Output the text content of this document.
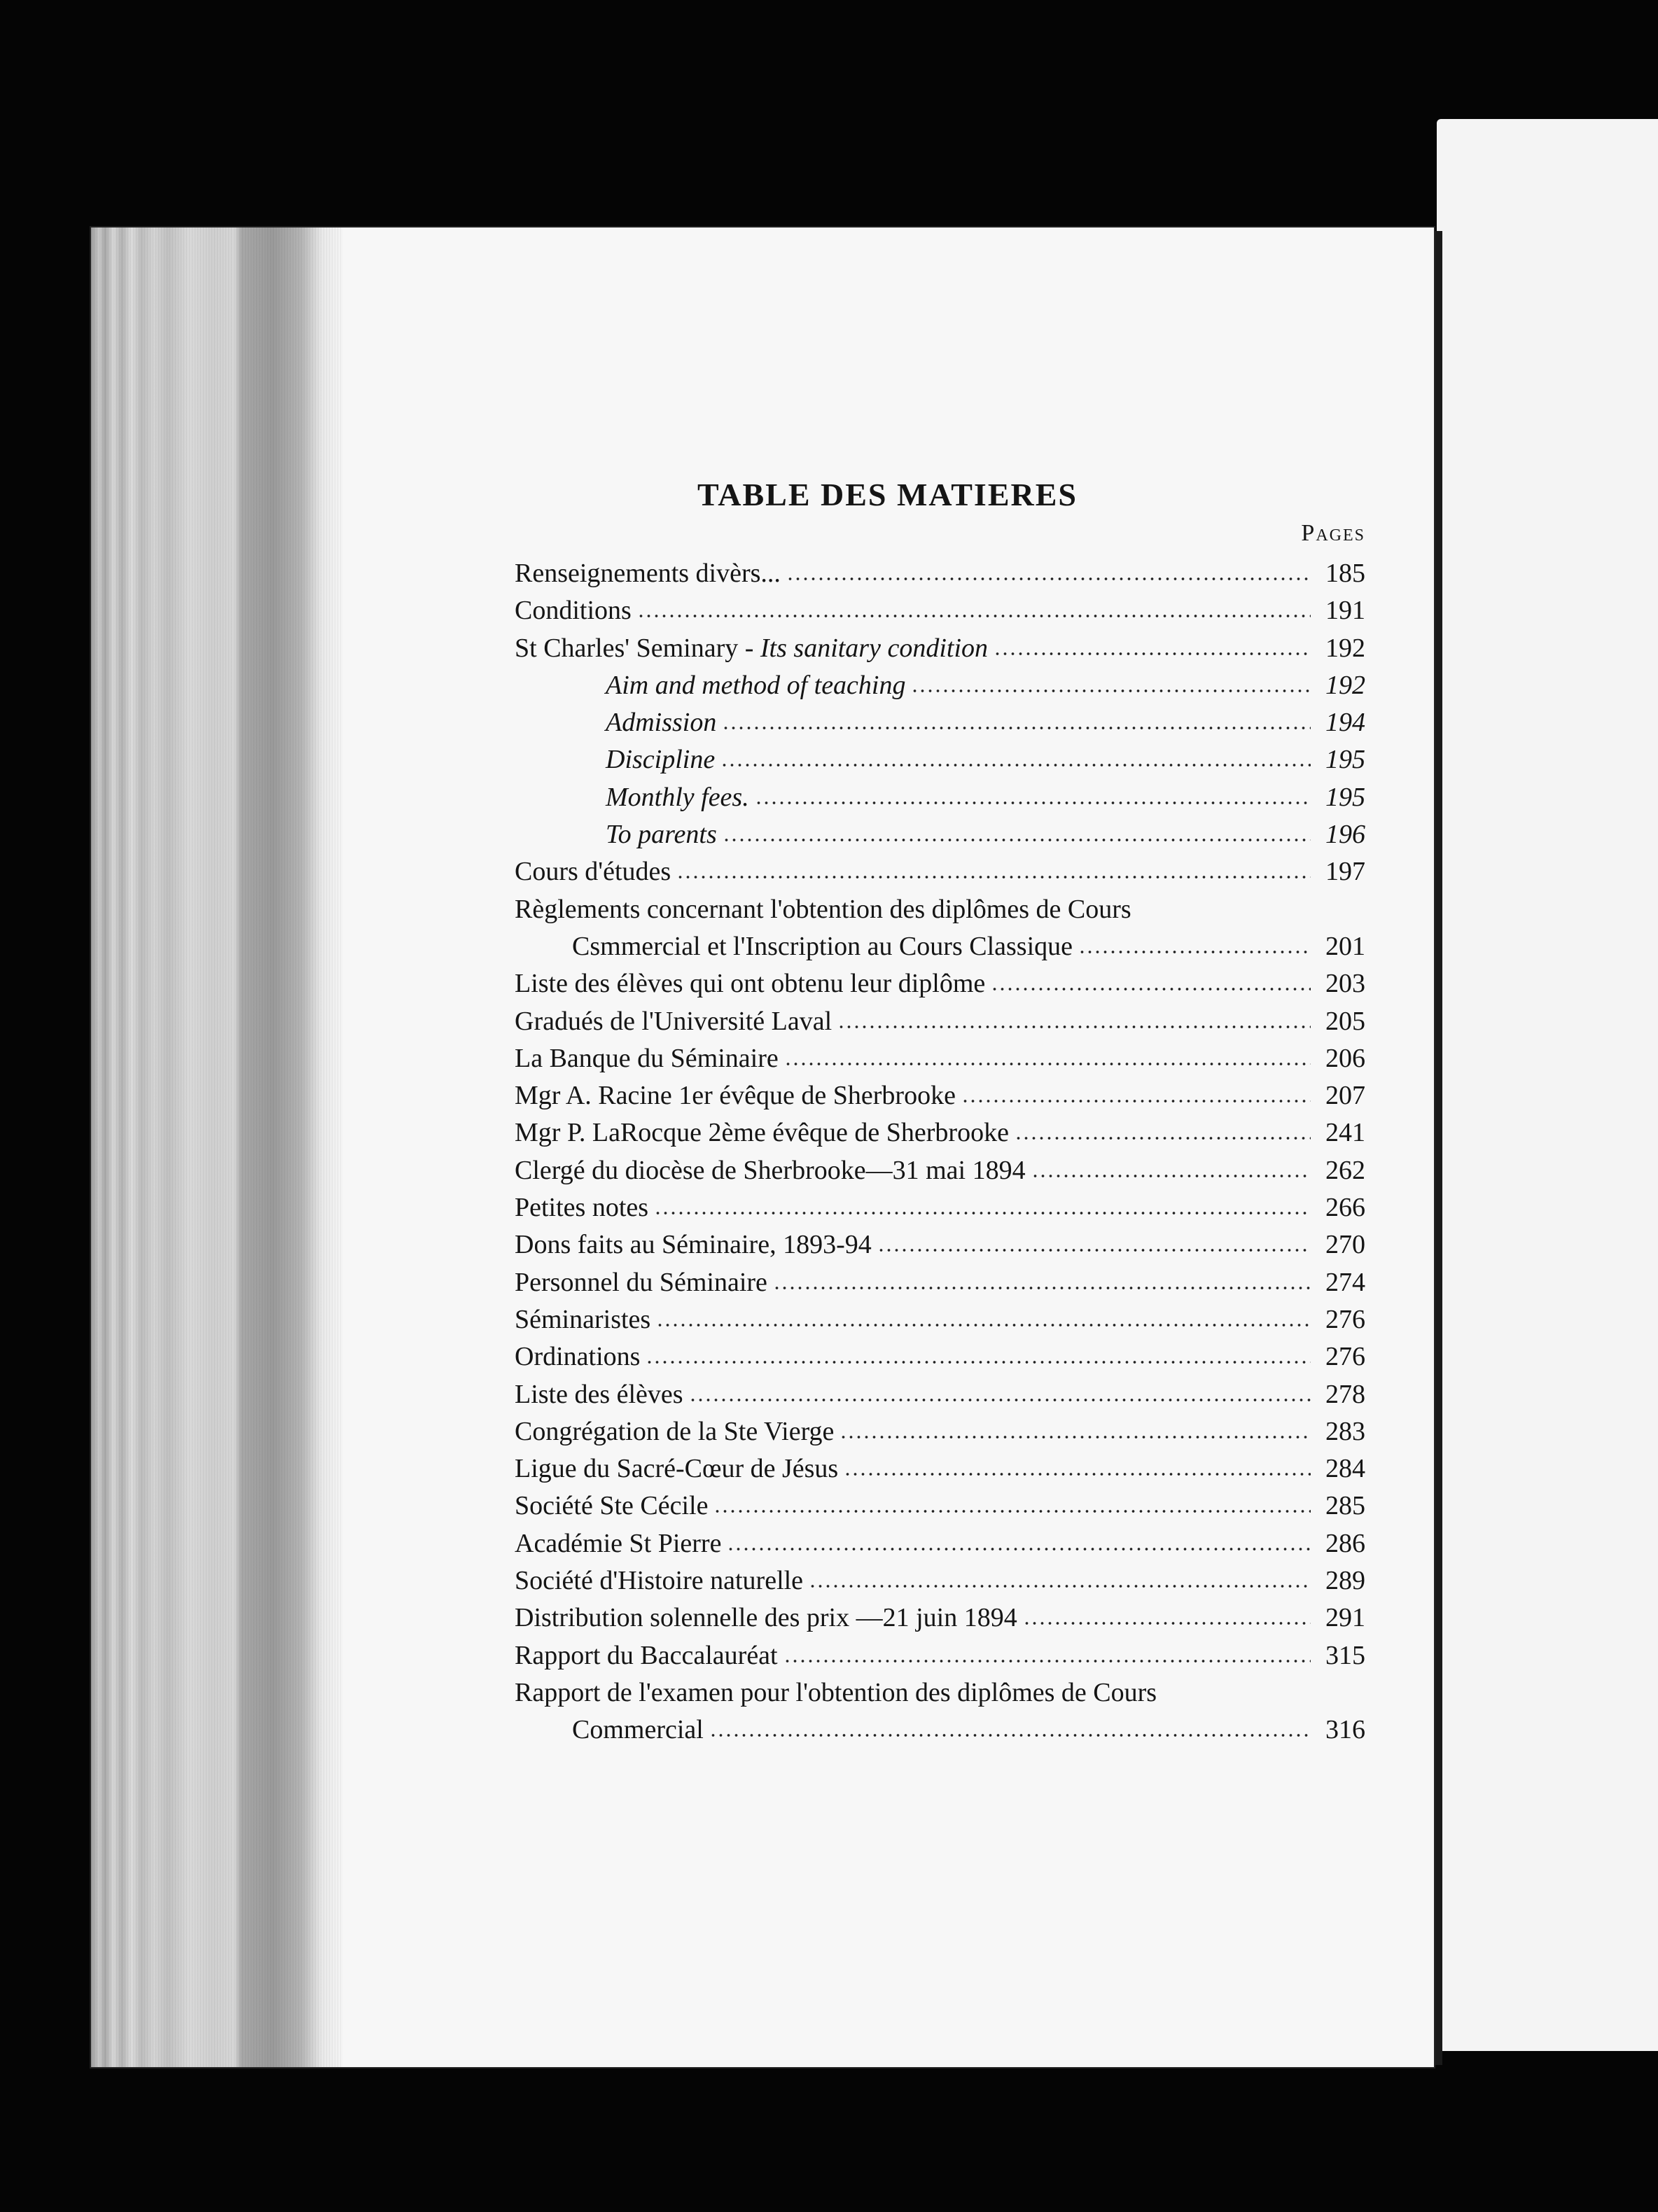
TABLE DES MATIERES
Pages
Renseignements divèrs...	185
Conditions	191
St Charles' Seminary - Its sanitary condition	192
Aim and method of teaching	192
Admission	194
Discipline	195
Monthly fees.	195
To parents	196
Cours d'études	197
Règlements concernant l'obtention des diplômes de Cours
Csmmercial et l'Inscription au Cours Classique	201
Liste des élèves qui ont obtenu leur diplôme	203
Gradués de l'Université Laval	205
La Banque du Séminaire	206
Mgr A. Racine 1er évêque de Sherbrooke	207
Mgr P. LaRocque 2ème évêque de Sherbrooke	241
Clergé du diocèse de Sherbrooke—31 mai 1894	262
Petites notes	266
Dons faits au Séminaire, 1893-94	270
Personnel du Séminaire	274
Séminaristes	276
Ordinations	276
Liste des élèves	278
Congrégation de la Ste Vierge	283
Ligue du Sacré-Cœur de Jésus	284
Société Ste Cécile	285
Académie St Pierre	286
Société d'Histoire naturelle	289
Distribution solennelle des prix —21 juin 1894	291
Rapport du Baccalauréat	315
Rapport de l'examen pour l'obtention des diplômes de Cours
Commercial	316
